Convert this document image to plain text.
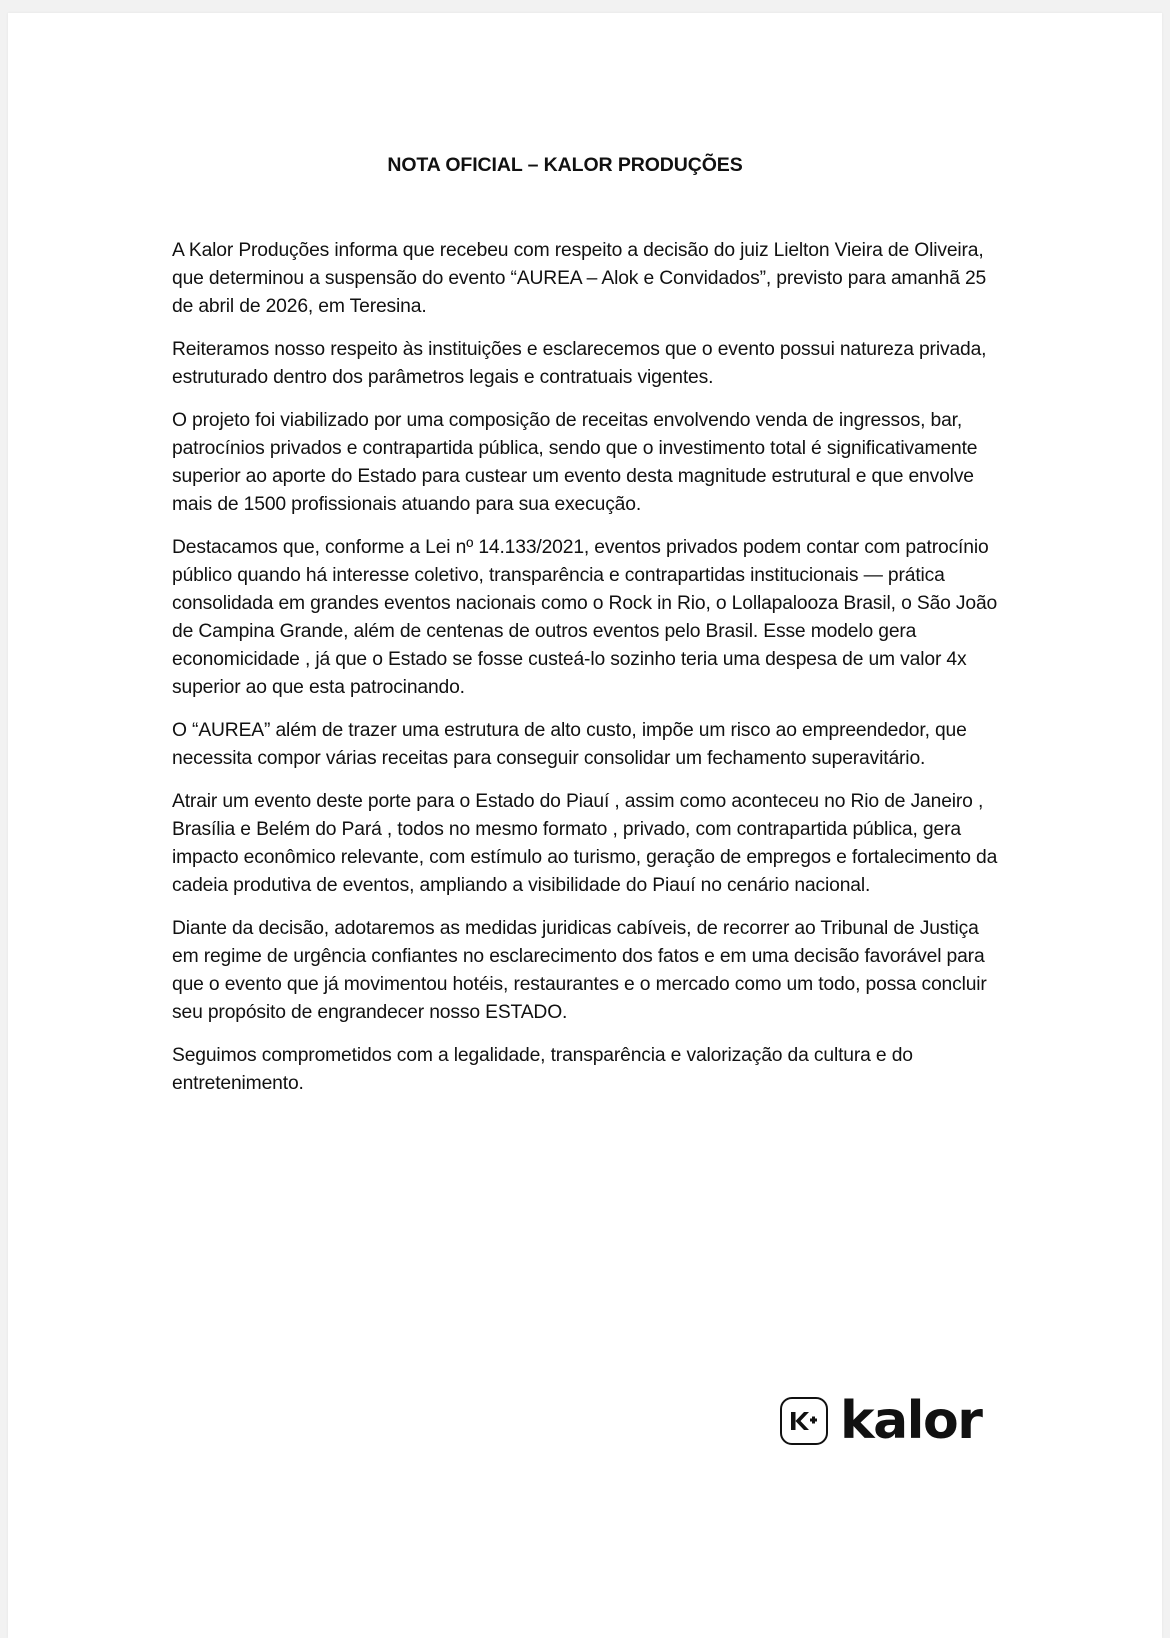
NOTA OFICIAL – KALOR PRODUÇÕES

A Kalor Produções informa que recebeu com respeito a decisão do juiz Lielton Vieira de Oliveira, que determinou a suspensão do evento “AUREA – Alok e Convidados”, previsto para amanhã 25 de abril de 2026, em Teresina.

Reiteramos nosso respeito às instituições e esclarecemos que o evento possui natureza privada, estruturado dentro dos parâmetros legais e contratuais vigentes.

O projeto foi viabilizado por uma composição de receitas envolvendo venda de ingressos, bar, patrocínios privados e contrapartida pública, sendo que o investimento total é significativamente superior ao aporte do Estado para custear um evento desta magnitude estrutural e que envolve mais de 1500 profissionais atuando para sua execução.

Destacamos que, conforme a Lei nº 14.133/2021, eventos privados podem contar com patrocínio público quando há interesse coletivo, transparência e contrapartidas institucionais — prática consolidada em grandes eventos nacionais como o Rock in Rio, o Lollapalooza Brasil, o São João de Campina Grande, além de centenas de outros eventos pelo Brasil. Esse modelo gera economicidade , já que o Estado se fosse custeá-lo sozinho teria uma despesa de um valor 4x superior ao que esta patrocinando.

O “AUREA” além de trazer uma estrutura de alto custo, impõe um risco ao empreendedor, que necessita compor várias receitas para conseguir consolidar um fechamento superavitário.

Atrair um evento deste porte para o Estado do Piauí , assim como aconteceu no Rio de Janeiro , Brasília e Belém do Pará , todos no mesmo formato , privado, com contrapartida pública, gera impacto econômico relevante, com estímulo ao turismo, geração de empregos e fortalecimento da cadeia produtiva de eventos, ampliando a visibilidade do Piauí no cenário nacional.

Diante da decisão, adotaremos as medidas juridicas cabíveis, de recorrer ao Tribunal de Justiça em regime de urgência confiantes no esclarecimento dos fatos e em uma decisão favorável para que o evento que já movimentou hotéis, restaurantes e o mercado como um todo, possa concluir seu propósito de engrandecer nosso ESTADO.

Seguimos comprometidos com a legalidade, transparência e valorização da cultura e do entretenimento.

kalor
